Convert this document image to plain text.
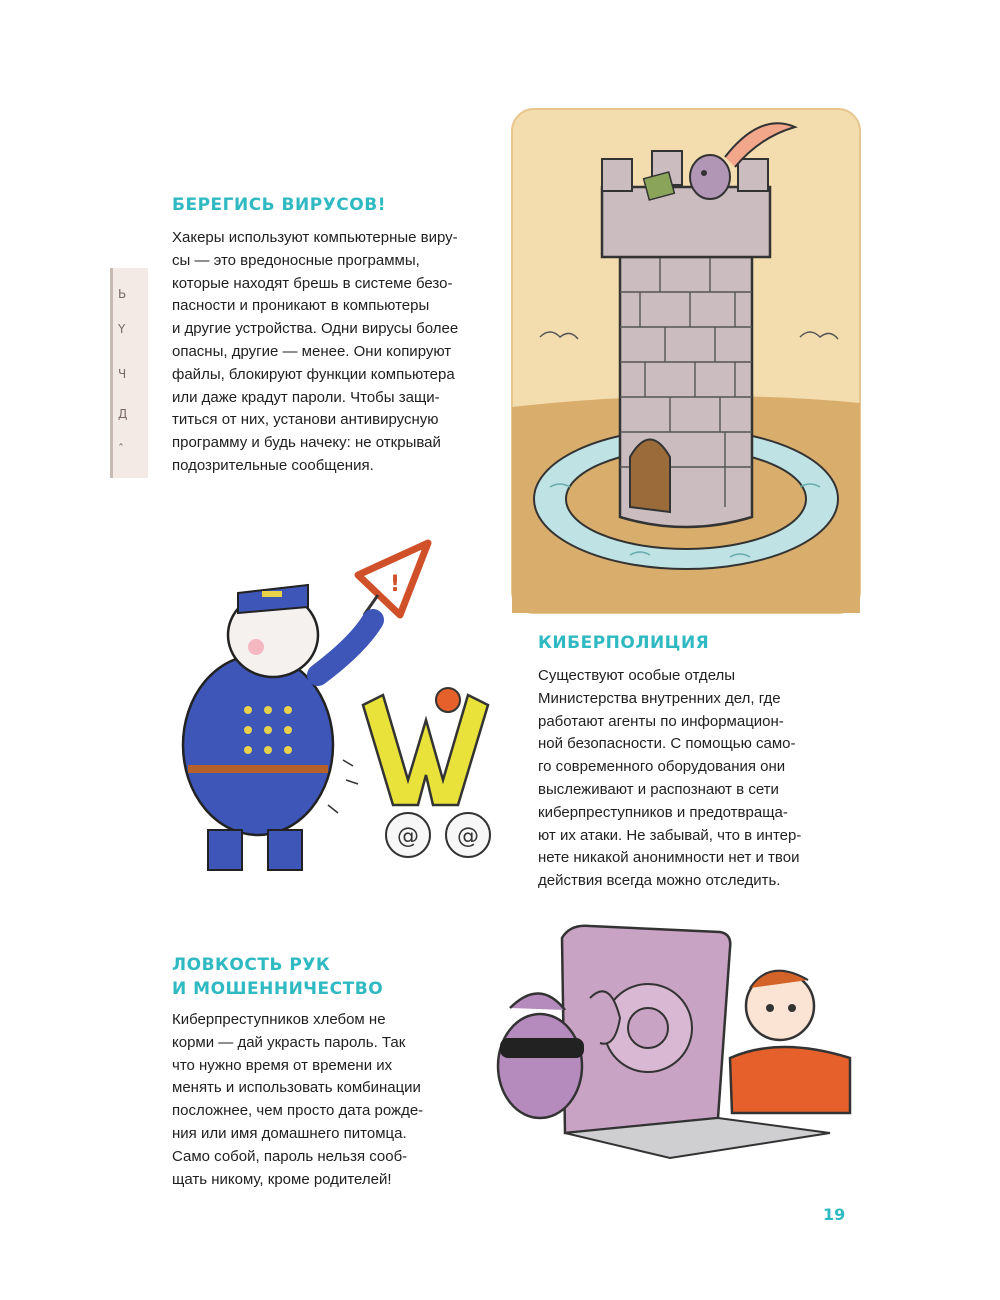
Ь
Y
Ч
Д
ˆ
БЕРЕГИСЬ ВИРУСОВ!

Хакеры используют компьютерные виру-
сы — это вредоносные программы,
которые находят брешь в системе безо-
пасности и проникают в компьютеры
и другие устройства. Одни вирусы более
опасны, другие — менее. Они копируют
файлы, блокируют функции компьютера
или даже крадут пароли. Чтобы защи-
титься от них, установи антивирусную
программу и будь начеку: не открывай
подозрительные сообщения.

!
@ @
КИБЕРПОЛИЦИЯ

Существуют особые отделы
Министерства внутренних дел, где
работают агенты по информацион-
ной безопасности. С помощью само-
го современного оборудования они
выслеживают и распознают в сети
киберпреступников и предотвраща-
ют их атаки. Не забывай, что в интер-
нете никакой анонимности нет и твои
действия всегда можно отследить.

ЛОВКОСТЬ РУК
И МОШЕННИЧЕСТВО

Киберпреступников хлебом не
корми — дай украсть пароль. Так
что нужно время от времени их
менять и использовать комбинации
посложнее, чем просто дата рожде-
ния или имя домашнего питомца.
Само собой, пароль нельзя сооб-
щать никому, кроме родителей!

19
